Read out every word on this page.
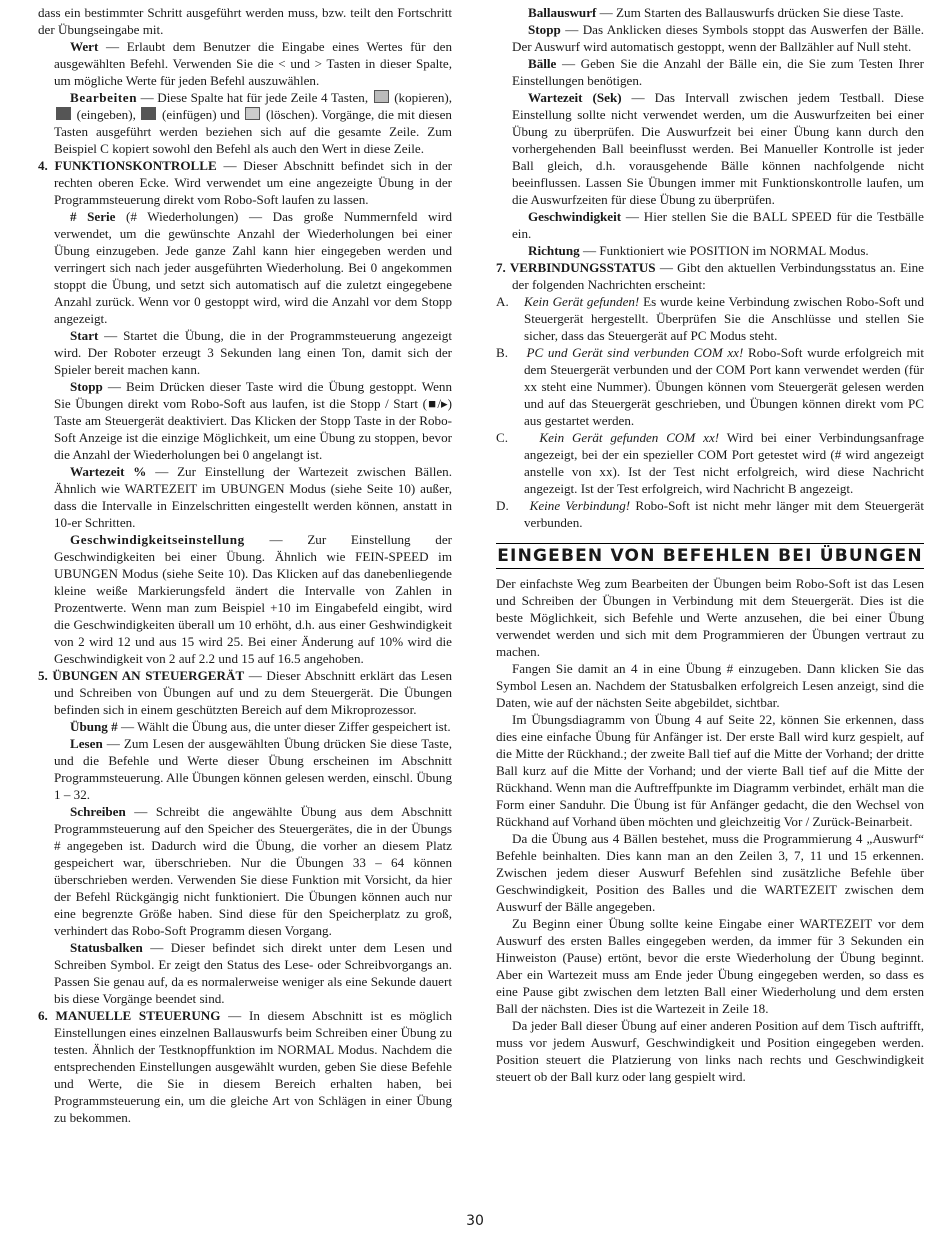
dass ein bestimmter Schritt ausgeführt werden muss, bzw. teilt den Fortschritt der Übungseingabe mit.

Wert — Erlaubt dem Benutzer die Eingabe eines Wertes für den ausgewählten Befehl. Verwenden Sie die < und > Tasten in dieser Spalte, um mögliche Werte für jeden Befehl auszuwählen.

Bearbeiten — Diese Spalte hat für jede Zeile 4 Tasten,  (kopieren),  (eingeben),  (einfügen) und  (löschen). Vorgänge, die mit diesen Tasten ausgeführt werden beziehen sich auf die gesamte Zeile. Zum Beispiel C kopiert sowohl den Befehl als auch den Wert in diese Zeile.

4. FUNKTIONSKONTROLLE — Dieser Abschnitt befindet sich in der rechten oberen Ecke. Wird verwendet um eine angezeigte Übung in der Programmsteuerung direkt vom Robo-Soft laufen zu lassen.

# Serie (# Wiederholungen) — Das große Nummernfeld wird verwendet, um die gewünschte Anzahl der Wiederholungen bei einer Übung einzugeben. Jede ganze Zahl kann hier eingegeben werden und verringert sich nach jeder ausgeführten Wiederholung. Bei 0 angekommen stoppt die Übung, und setzt sich automatisch auf die zuletzt eingegebene Anzahl zurück. Wenn vor 0 gestoppt wird, wird die Anzahl vor dem Stopp angezeigt.

Start — Startet die Übung, die in der Programmsteuerung angezeigt wird. Der Roboter erzeugt 3 Sekunden lang einen Ton, damit sich der Spieler bereit machen kann.

Stopp — Beim Drücken dieser Taste wird die Übung gestoppt. Wenn Sie Übungen direkt vom Robo-Soft aus laufen, ist die Stopp / Start (■/▸) Taste am Steuergerät deaktiviert. Das Klicken der Stopp Taste in der Robo-Soft Anzeige ist die einzige Möglichkeit, um eine Übung zu stoppen, bevor die Anzahl der Wiederholungen bei 0 angelangt ist.

Wartezeit % — Zur Einstellung der Wartezeit zwischen Bällen. Ähnlich wie WARTEZEIT im UBUNGEN Modus (siehe Seite 10) außer, dass die Intervalle in Einzelschritten eingestellt werden können, anstatt in 10-er Schritten.

Geschwindigkeitseinstellung — Zur Einstellung der Geschwindigkeiten bei einer Übung. Ähnlich wie FEIN-SPEED im UBUNGEN Modus (siehe Seite 10). Das Klicken auf das danebenliegende kleine weiße Markierungsfeld ändert die Intervalle von Zahlen in Prozentwerte. Wenn man zum Beispiel +10 im Eingabefeld eingibt, wird die Geschwindigkeiten überall um 10 erhöht, d.h. aus einer Geshwindigkeit von 2 wird 12 und aus 15 wird 25. Bei einer Änderung auf 10% wird die Geschwindigkeit von 2 auf 2.2 und 15 auf 16.5 angehoben.

5. ÜBUNGEN AN STEUERGERÄT — Dieser Abschnitt erklärt das Lesen und Schreiben von Übungen auf und zu dem Steuergerät. Die Übungen befinden sich in einem geschützten Bereich auf dem Mikroprozessor.

Übung # — Wählt die Übung aus, die unter dieser Ziffer gespeichert ist.

Lesen — Zum Lesen der ausgewählten Übung drücken Sie diese Taste, und die Befehle und Werte dieser Übung erscheinen im Abschnitt Programmsteuerung. Alle Übungen können gelesen werden, einschl. Übung 1 – 32.

Schreiben — Schreibt die angewählte Übung aus dem Abschnitt Programmsteuerung auf den Speicher des Steuergerätes, die in der Übungs # angegeben ist. Dadurch wird die Übung, die vorher an diesem Platz gespeichert war, überschrieben. Nur die Übungen 33 – 64 können überschrieben werden. Verwenden Sie diese Funktion mit Vorsicht, da hier der Befehl Rückgängig nicht funktioniert. Die Übungen können auch nur eine begrenzte Größe haben. Sind diese für den Speicherplatz zu groß, verhindert das Robo-Soft Programm diesen Vorgang.

Statusbalken — Dieser befindet sich direkt unter dem Lesen und Schreiben Symbol. Er zeigt den Status des Lese- oder Schreibvorgangs an. Passen Sie genau auf, da es normalerweise weniger als eine Sekunde dauert bis diese Vorgänge beendet sind.

6. MANUELLE STEUERUNG — In diesem Abschnitt ist es möglich Einstellungen eines einzelnen Ballauswurfs beim Schreiben einer Übung zu testen. Ähnlich der Testknopffunktion im NORMAL Modus. Nachdem die entsprechenden Einstellungen ausgewählt wurden, geben Sie diese Befehle und Werte, die Sie in diesem Bereich erhalten haben, bei Programmsteuerung ein, um die gleiche Art von Schlägen in einer Übung zu bekommen.

Ballauswurf — Zum Starten des Ballauswurfs drücken Sie diese Taste.

Stopp — Das Anklicken dieses Symbols stoppt das Auswerfen der Bälle. Der Auswurf wird automatisch gestoppt, wenn der Ballzähler auf Null steht.

Bälle — Geben Sie die Anzahl der Bälle ein, die Sie zum Testen Ihrer Einstellungen benötigen.

Wartezeit (Sek) — Das Intervall zwischen jedem Testball. Diese Einstellung sollte nicht verwendet werden, um die Auswurfzeiten bei einer Übung zu überprüfen. Die Auswurfzeit bei einer Übung kann durch den vorhergehenden Ball beeinflusst werden. Bei Manueller Kontrolle ist jeder Ball gleich, d.h. vorausgehende Bälle können nachfolgende nicht beeinflussen. Lassen Sie Übungen immer mit Funktionskontrolle laufen, um die Auswurfzeiten für diese Übung zu überprüfen.

Geschwindigkeit — Hier stellen Sie die BALL SPEED für die Testbälle ein.

Richtung — Funktioniert wie POSITION im NORMAL Modus.

7. VERBINDUNGSSTATUS — Gibt den aktuellen Verbindungsstatus an. Eine der folgenden Nachrichten erscheint:

A. Kein Gerät gefunden! Es wurde keine Verbindung zwischen Robo-Soft und Steuergerät hergestellt. Überprüfen Sie die Anschlüsse und stellen Sie sicher, dass das Steuergerät auf PC Modus steht.

B. PC und Gerät sind verbunden COM xx! Robo-Soft wurde erfolgreich mit dem Steuergerät verbunden und der COM Port kann verwendet werden (für xx steht eine Nummer). Übungen können vom Steuergerät gelesen werden und auf das Steuergerät geschrieben, und Übungen können direkt vom PC aus gestartet werden.

C. Kein Gerät gefunden COM xx! Wird bei einer Verbindungsanfrage angezeigt, bei der ein spezieller COM Port getestet wird (# wird angezeigt anstelle von xx). Ist der Test nicht erfolgreich, wird diese Nachricht angezeigt. Ist der Test erfolgreich, wird Nachricht B angezeigt.

D. Keine Verbindung! Robo-Soft ist nicht mehr länger mit dem Steuergerät verbunden.

EINGEBEN VON BEFEHLEN BEI ÜBUNGEN

Der einfachste Weg zum Bearbeiten der Übungen beim Robo-Soft ist das Lesen und Schreiben der Übungen in Verbindung mit dem Steuergerät. Dies ist die beste Möglichkeit, sich Befehle und Werte anzusehen, die bei einer Übung verwendet werden und sich mit dem Programmieren der Übungen vertraut zu machen.

Fangen Sie damit an 4 in eine Übung # einzugeben. Dann klicken Sie das Symbol Lesen an. Nachdem der Statusbalken erfolgreich Lesen anzeigt, sind die Daten, wie auf der nächsten Seite abgebildet, sichtbar.

Im Übungsdiagramm von Übung 4 auf Seite 22, können Sie erkennen, dass dies eine einfache Übung für Anfänger ist. Der erste Ball wird kurz gespielt, auf die Mitte der Rückhand.; der zweite Ball tief auf die Mitte der Vorhand; der dritte Ball kurz auf die Mitte der Vorhand; und der vierte Ball tief auf die Mitte der Rückhand. Wenn man die Auftreffpunkte im Diagramm verbindet, erhält man die Form einer Sanduhr. Die Übung ist für Anfänger gedacht, die den Wechsel von Rückhand auf Vorhand üben möchten und gleichzeitig Vor / Zurück-Beinarbeit.

Da die Übung aus 4 Bällen bestehet, muss die Programmierung 4 „Auswurf“ Befehle beinhalten. Dies kann man an den Zeilen 3, 7, 11 und 15 erkennen. Zwischen jedem dieser Auswurf Befehlen sind zusätzliche Befehle über Geschwindigkeit, Position des Balles und die WARTEZEIT zwischen dem Auswurf der Bälle angegeben.

Zu Beginn einer Übung sollte keine Eingabe einer WARTEZEIT vor dem Auswurf des ersten Balles eingegeben werden, da immer für 3 Sekunden ein Hinweiston (Pause) ertönt, bevor die erste Wiederholung der Übung beginnt. Aber ein Wartezeit muss am Ende jeder Übung eingegeben werden, so dass es eine Pause gibt zwischen dem letzten Ball einer Wiederholung und dem ersten Ball der nächsten. Dies ist die Wartezeit in Zeile 18.

Da jeder Ball dieser Übung auf einer anderen Position auf dem Tisch auftrifft, muss vor jedem Auswurf, Geschwindigkeit und Position eingegeben werden. Position steuert die Platzierung von links nach rechts und Geschwindigkeit steuert ob der Ball kurz oder lang gespielt wird.

30
